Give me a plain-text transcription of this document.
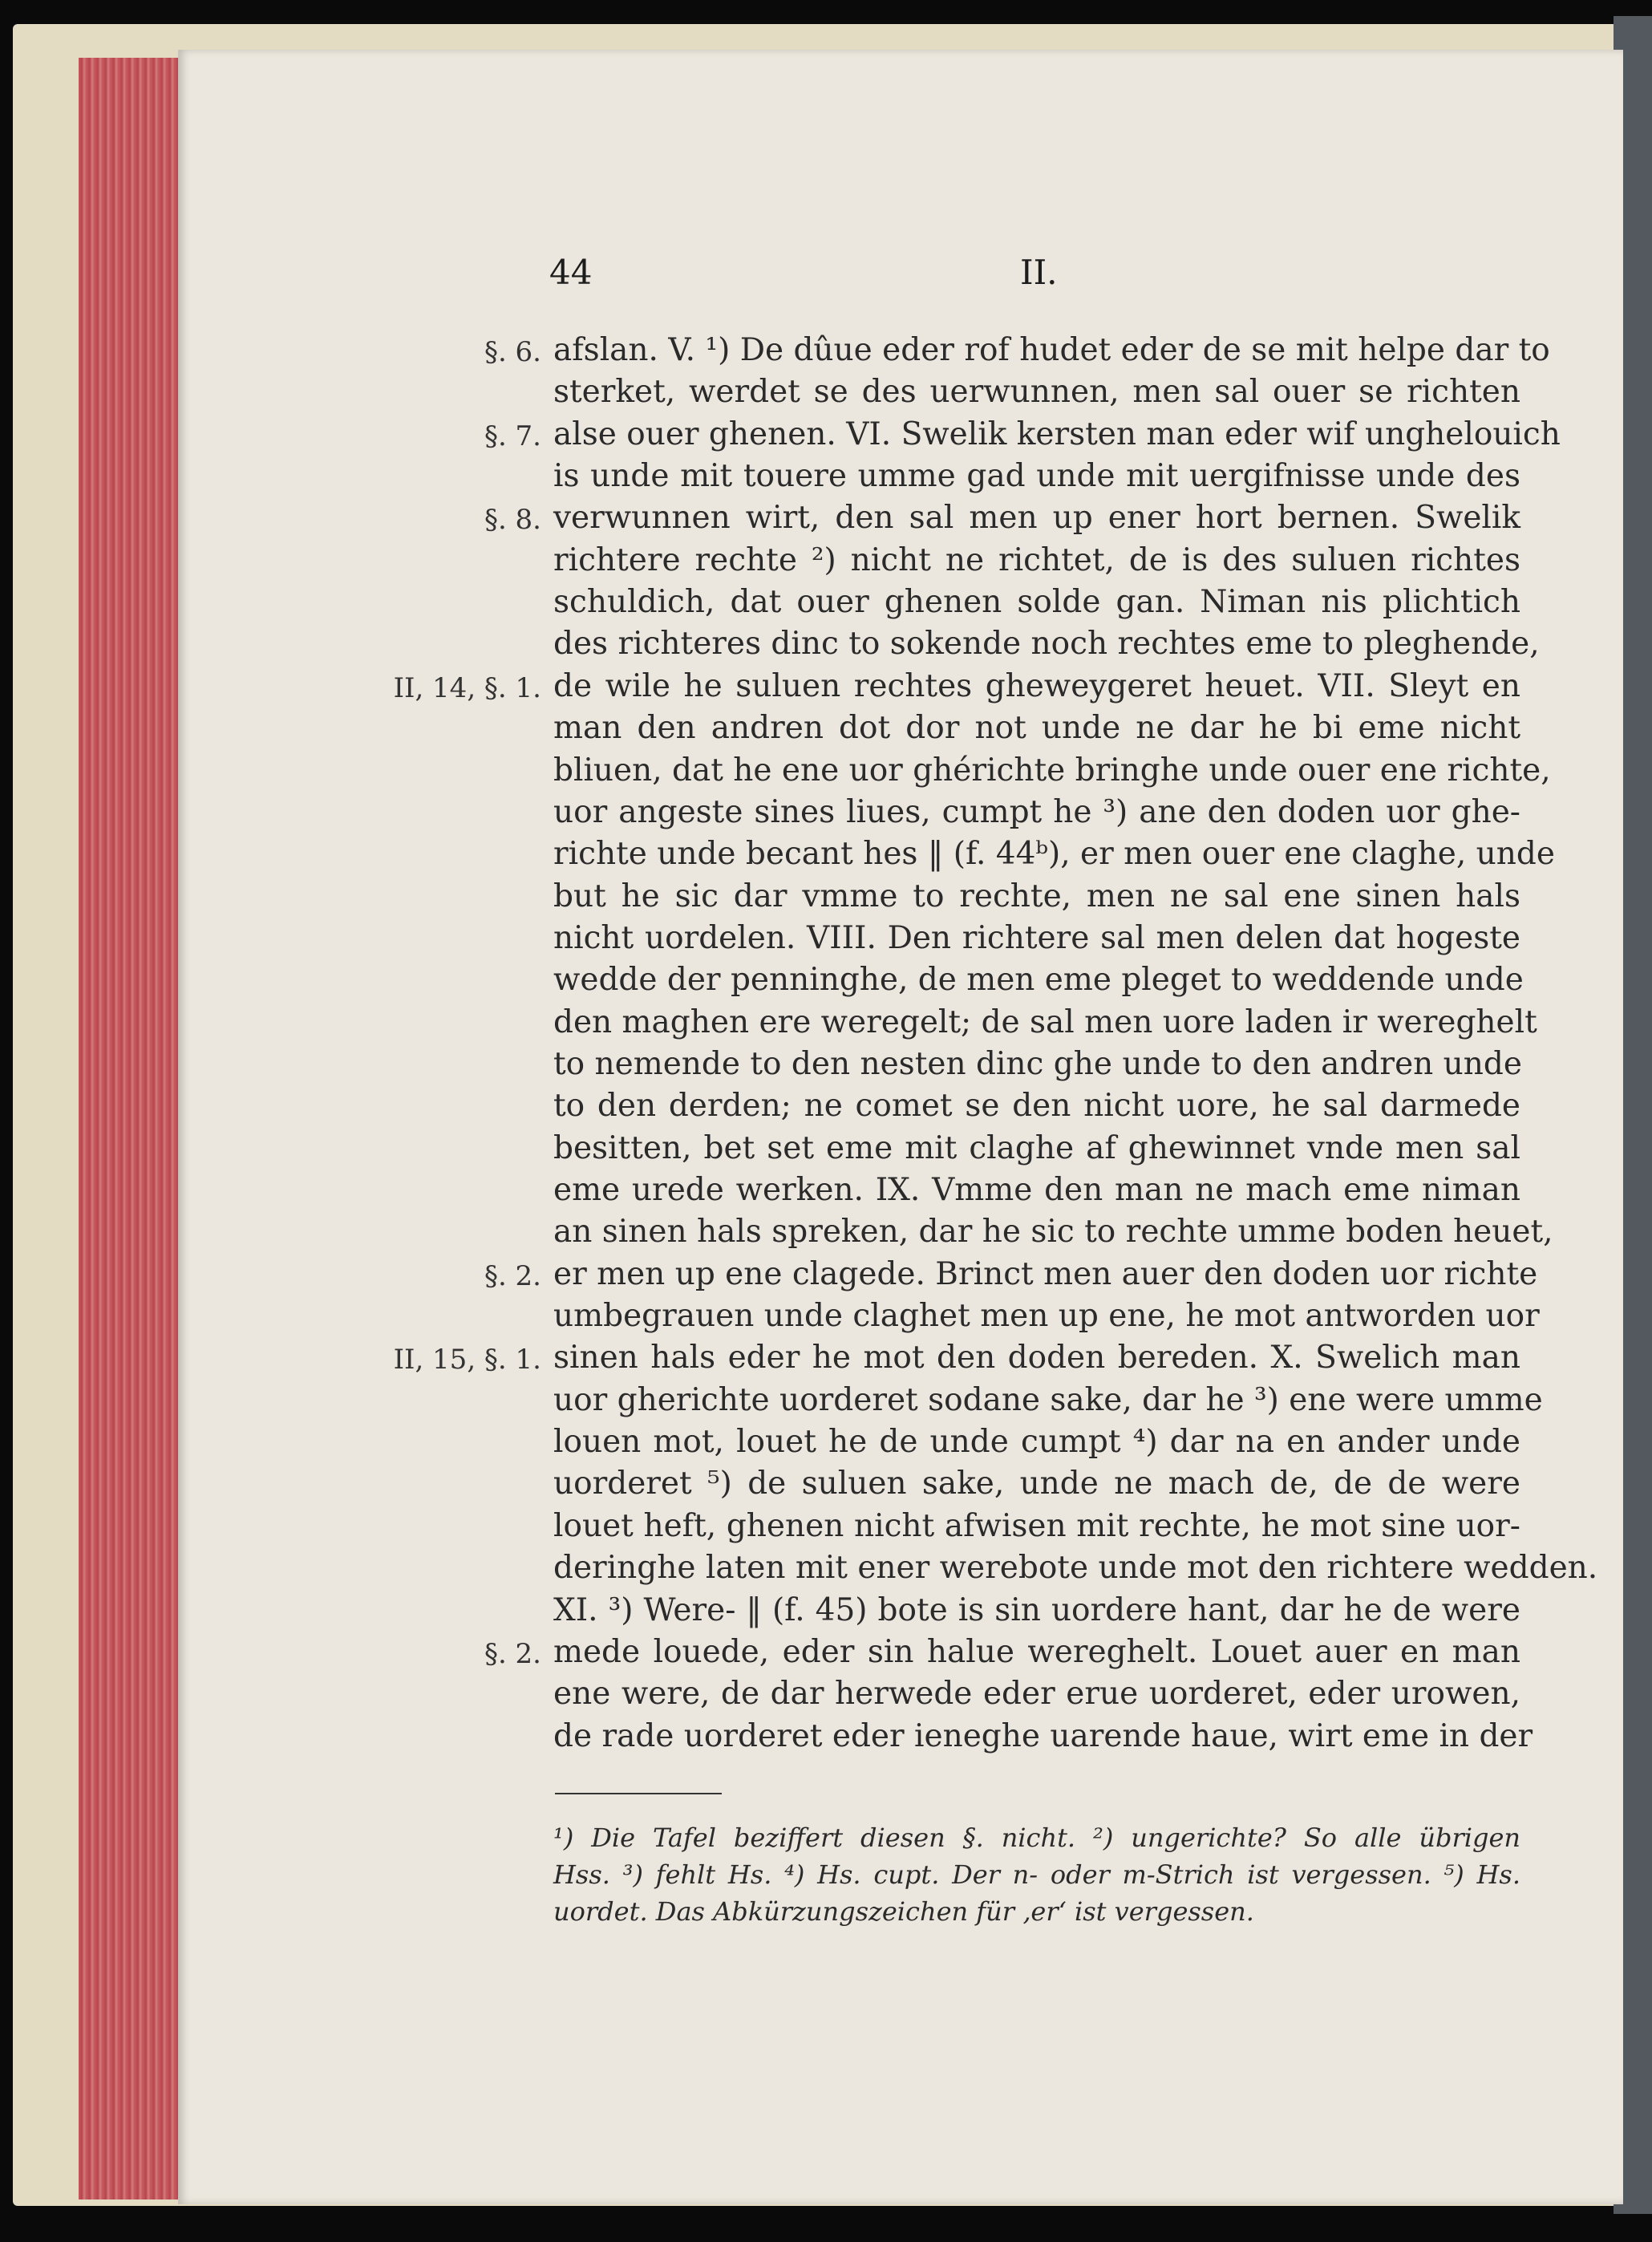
44	II.
afslan. V. ¹) De dûue eder rof hudet eder de se mit helpe dar to
sterket, werdet se des uerwunnen, men sal ouer se richten
alse ouer ghenen. VI. Swelik kersten man eder wif unghelouich
is unde mit touere umme gad unde mit uergifnisse unde des
verwunnen wirt, den sal men up ener hort bernen. Swelik
richtere rechte ²) nicht ne richtet, de is des suluen richtes
schuldich, dat ouer ghenen solde gan. Niman nis plichtich
des richteres dinc to sokende noch rechtes eme to pleghende,
de wile he suluen rechtes gheweygeret heuet. VII. Sleyt en
man den andren dot dor not unde ne dar he bi eme nicht
bliuen, dat he ene uor ghérichte bringhe unde ouer ene richte,
uor angeste sines liues, cumpt he ³) ane den doden uor ghe-
richte unde becant hes ‖ (f. 44ᵇ), er men ouer ene claghe, unde
but he sic dar vmme to rechte, men ne sal ene sinen hals
nicht uordelen. VIII. Den richtere sal men delen dat hogeste
wedde der penninghe, de men eme pleget to weddende unde
den maghen ere weregelt; de sal men uore laden ir wereghelt
to nemende to den nesten dinc ghe unde to den andren unde
to den derden; ne comet se den nicht uore, he sal darmede
besitten, bet set eme mit claghe af ghewinnet vnde men sal
eme urede werken. IX. Vmme den man ne mach eme niman
an sinen hals spreken, dar he sic to rechte umme boden heuet,
er men up ene clagede. Brinct men auer den doden uor richte
umbegrauen unde claghet men up ene, he mot antworden uor
sinen hals eder he mot den doden bereden. X. Swelich man
uor gherichte uorderet sodane sake, dar he ³) ene were umme
louen mot, louet he de unde cumpt ⁴) dar na en ander unde
uorderet ⁵) de suluen sake, unde ne mach de, de de were
louet heft, ghenen nicht afwisen mit rechte, he mot sine uor-
deringhe laten mit ener werebote unde mot den richtere wedden.
XI. ³) Were- ‖ (f. 45) bote is sin uordere hant, dar he de were
mede louede, eder sin halue wereghelt. Louet auer en man
ene were, de dar herwede eder erue uorderet, eder urowen,
de rade uorderet eder ieneghe uarende haue, wirt eme in der
§. 6.
§. 7.
§. 8.
II, 14, §. 1.
§. 2.
II, 15, §. 1.
§. 2.
¹) Die Tafel beziffert diesen §. nicht. ²) ungerichte? So alle übrigen
Hss. ³) fehlt Hs. ⁴) Hs. cupt. Der n- oder m-Strich ist vergessen. ⁵) Hs.
uordet. Das Abkürzungszeichen für ‚er‘ ist vergessen.
